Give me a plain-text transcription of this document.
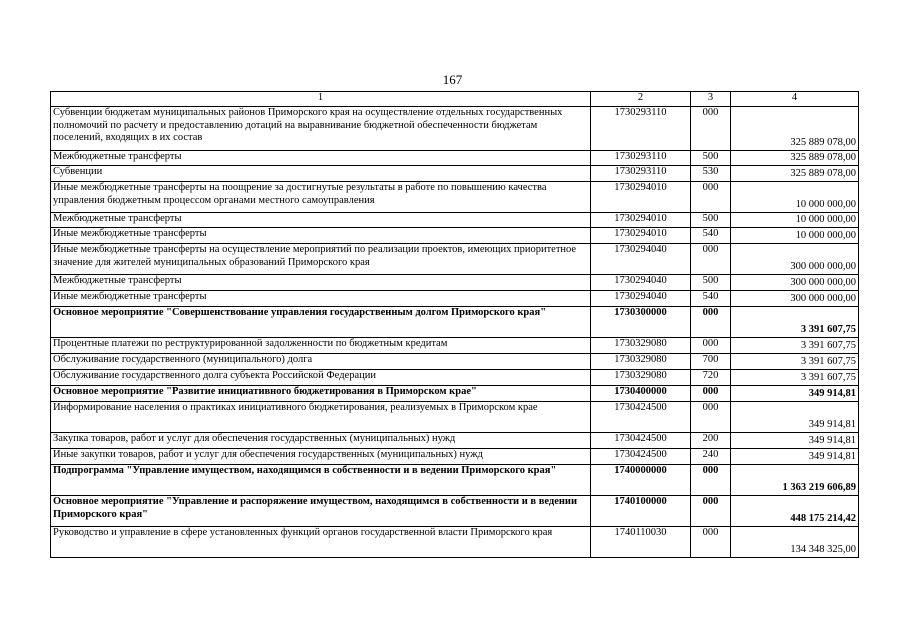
167
1	2	3	4
Субвенции бюджетам муниципальных районов Приморского края на осуществление отдельных государственных полномочий по расчету и предоставлению дотаций на выравнивание бюджетной обеспеченности бюджетам поселений, входящих в их состав	1730293110	000	325 889 078,00
Межбюджетные трансферты	1730293110	500	325 889 078,00
Субвенции	1730293110	530	325 889 078,00
Иные межбюджетные трансферты на поощрение за достигнутые результаты в работе по повышению качества управления бюджетным процессом органами местного самоуправления	1730294010	000	10 000 000,00
Межбюджетные трансферты	1730294010	500	10 000 000,00
Иные межбюджетные трансферты	1730294010	540	10 000 000,00
Иные межбюджетные трансферты на осуществление мероприятий по реализации проектов, имеющих приоритетное значение для жителей муниципальных образований Приморского края	1730294040	000	300 000 000,00
Межбюджетные трансферты	1730294040	500	300 000 000,00
Иные межбюджетные трансферты	1730294040	540	300 000 000,00
Основное мероприятие "Совершенствование управления государственным долгом Приморского края"	1730300000	000	3 391 607,75
Процентные платежи по реструктурированной задолженности по бюджетным кредитам	1730329080	000	3 391 607,75
Обслуживание государственного (муниципального) долга	1730329080	700	3 391 607,75
Обслуживание государственного долга субъекта Российской Федерации	1730329080	720	3 391 607,75
Основное мероприятие "Развитие инициативного бюджетирования в Приморском крае"	1730400000	000	349 914,81
Информирование населения о практиках инициативного бюджетирования, реализуемых в Приморском крае	1730424500	000	349 914,81
Закупка товаров, работ и услуг для обеспечения государственных (муниципальных) нужд	1730424500	200	349 914,81
Иные закупки товаров, работ и услуг для обеспечения государственных (муниципальных) нужд	1730424500	240	349 914,81
Подпрограмма "Управление имуществом, находящимся в собственности и в ведении Приморского края"	1740000000	000	1 363 219 606,89
Основное мероприятие "Управление и распоряжение имуществом, находящимся в собственности и в ведении Приморского края"	1740100000	000	448 175 214,42
Руководство и управление в сфере установленных функций органов государственной власти Приморского края	1740110030	000	134 348 325,00
